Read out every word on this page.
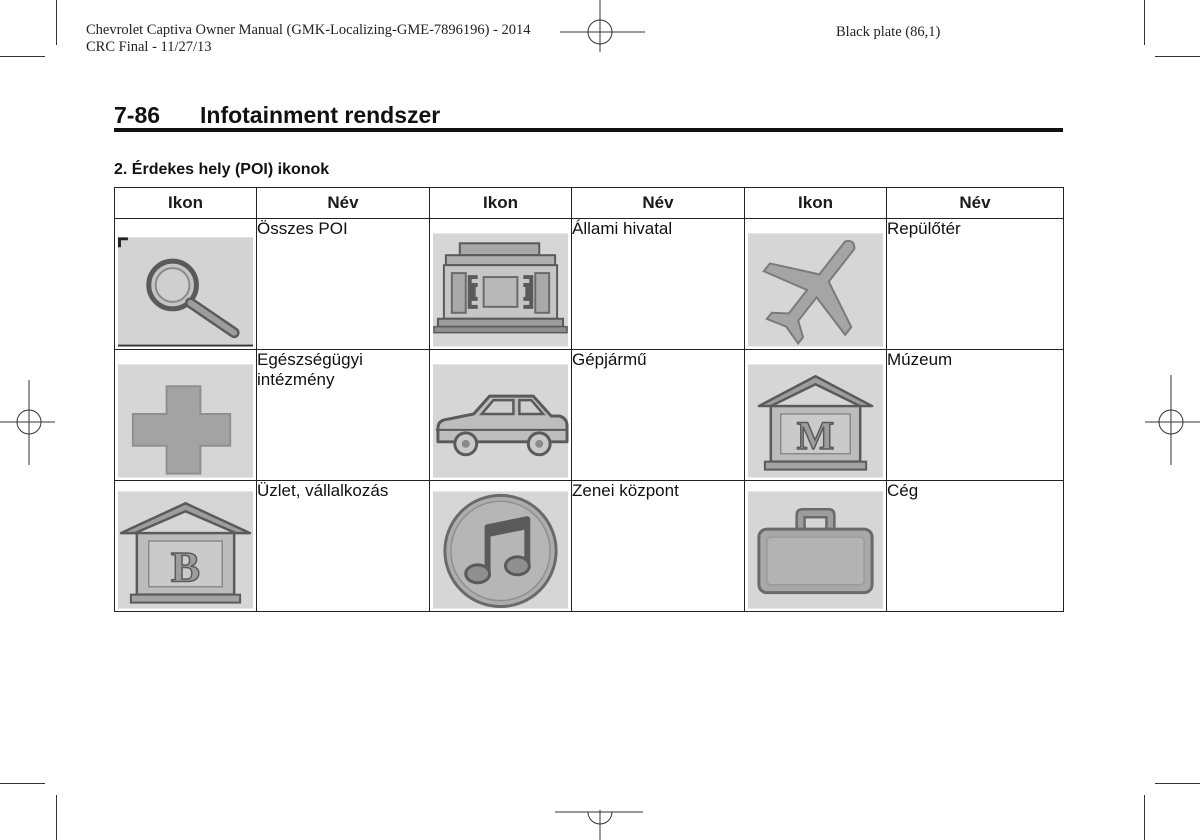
Chevrolet Captiva Owner Manual (GMK-Localizing-GME-7896196) - 2014
CRC Final - 11/27/13
Black plate (86,1)
7-86 Infotainment rendszer
2. Érdekes hely (POI) ikonok
Ikon	Név	Ikon	Név	Ikon	Név

	Összes POI		Állami hivatal		Repülőtér

	Egészségügyi intézmény		Gépjármű	M	Múzeum

B	Üzlet, vállalkozás		Zenei központ		Cég
